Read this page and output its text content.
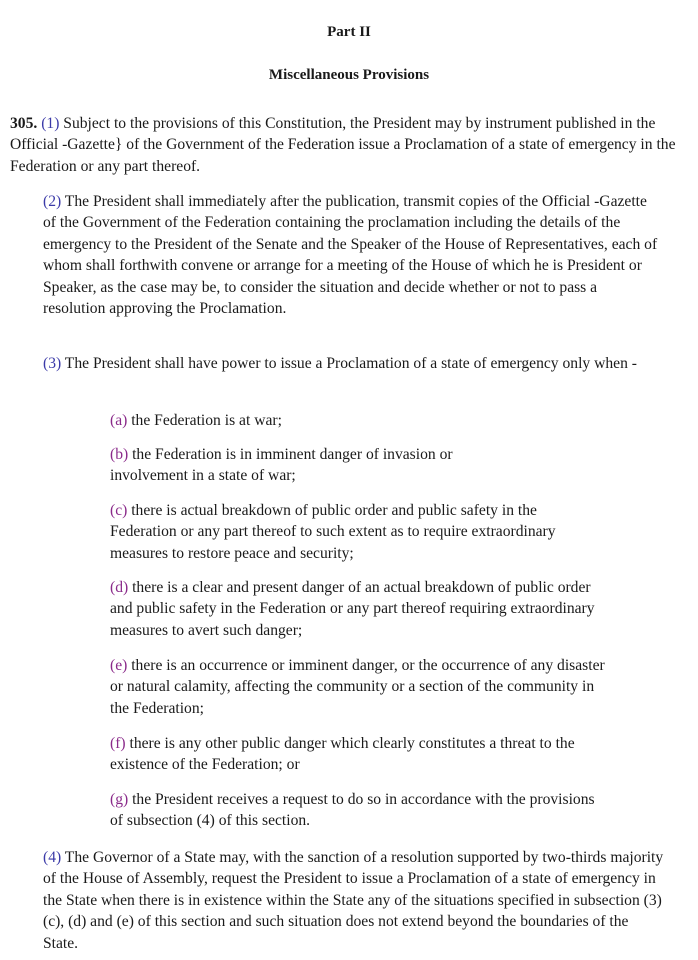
Part II
Miscellaneous Provisions

305. (1) Subject to the provisions of this Constitution, the President may by instrument published in the Official -Gazette} of the Government of the Federation issue a Proclamation of a state of emergency in the Federation or any part thereof.

(2) The President shall immediately after the publication, transmit copies of the Official -Gazette of the Government of the Federation containing the proclamation including the details of the emergency to the President of the Senate and the Speaker of the House of Representatives, each of whom shall forthwith convene or arrange for a meeting of the House of which he is President or Speaker, as the case may be, to consider the situation and decide whether or not to pass a resolution approving the Proclamation.

(3) The President shall have power to issue a Proclamation of a state of emergency only when -

(a) the Federation is at war;

(b) the Federation is in imminent danger of invasion or involvement in a state of war;

(c) there is actual breakdown of public order and public safety in the Federation or any part thereof to such extent as to require extraordinary measures to restore peace and security;

(d) there is a clear and present danger of an actual breakdown of public order and public safety in the Federation or any part thereof requiring extraordinary measures to avert such danger;

(e) there is an occurrence or imminent danger, or the occurrence of any disaster or natural calamity, affecting the community or a section of the community in the Federation;

(f) there is any other public danger which clearly constitutes a threat to the existence of the Federation; or

(g) the President receives a request to do so in accordance with the provisions of subsection (4) of this section.

(4) The Governor of a State may, with the sanction of a resolution supported by two-thirds majority of the House of Assembly, request the President to issue a Proclamation of a state of emergency in the State when there is in existence within the State any of the situations specified in subsection (3) (c), (d) and (e) of this section and such situation does not extend beyond the boundaries of the State.
